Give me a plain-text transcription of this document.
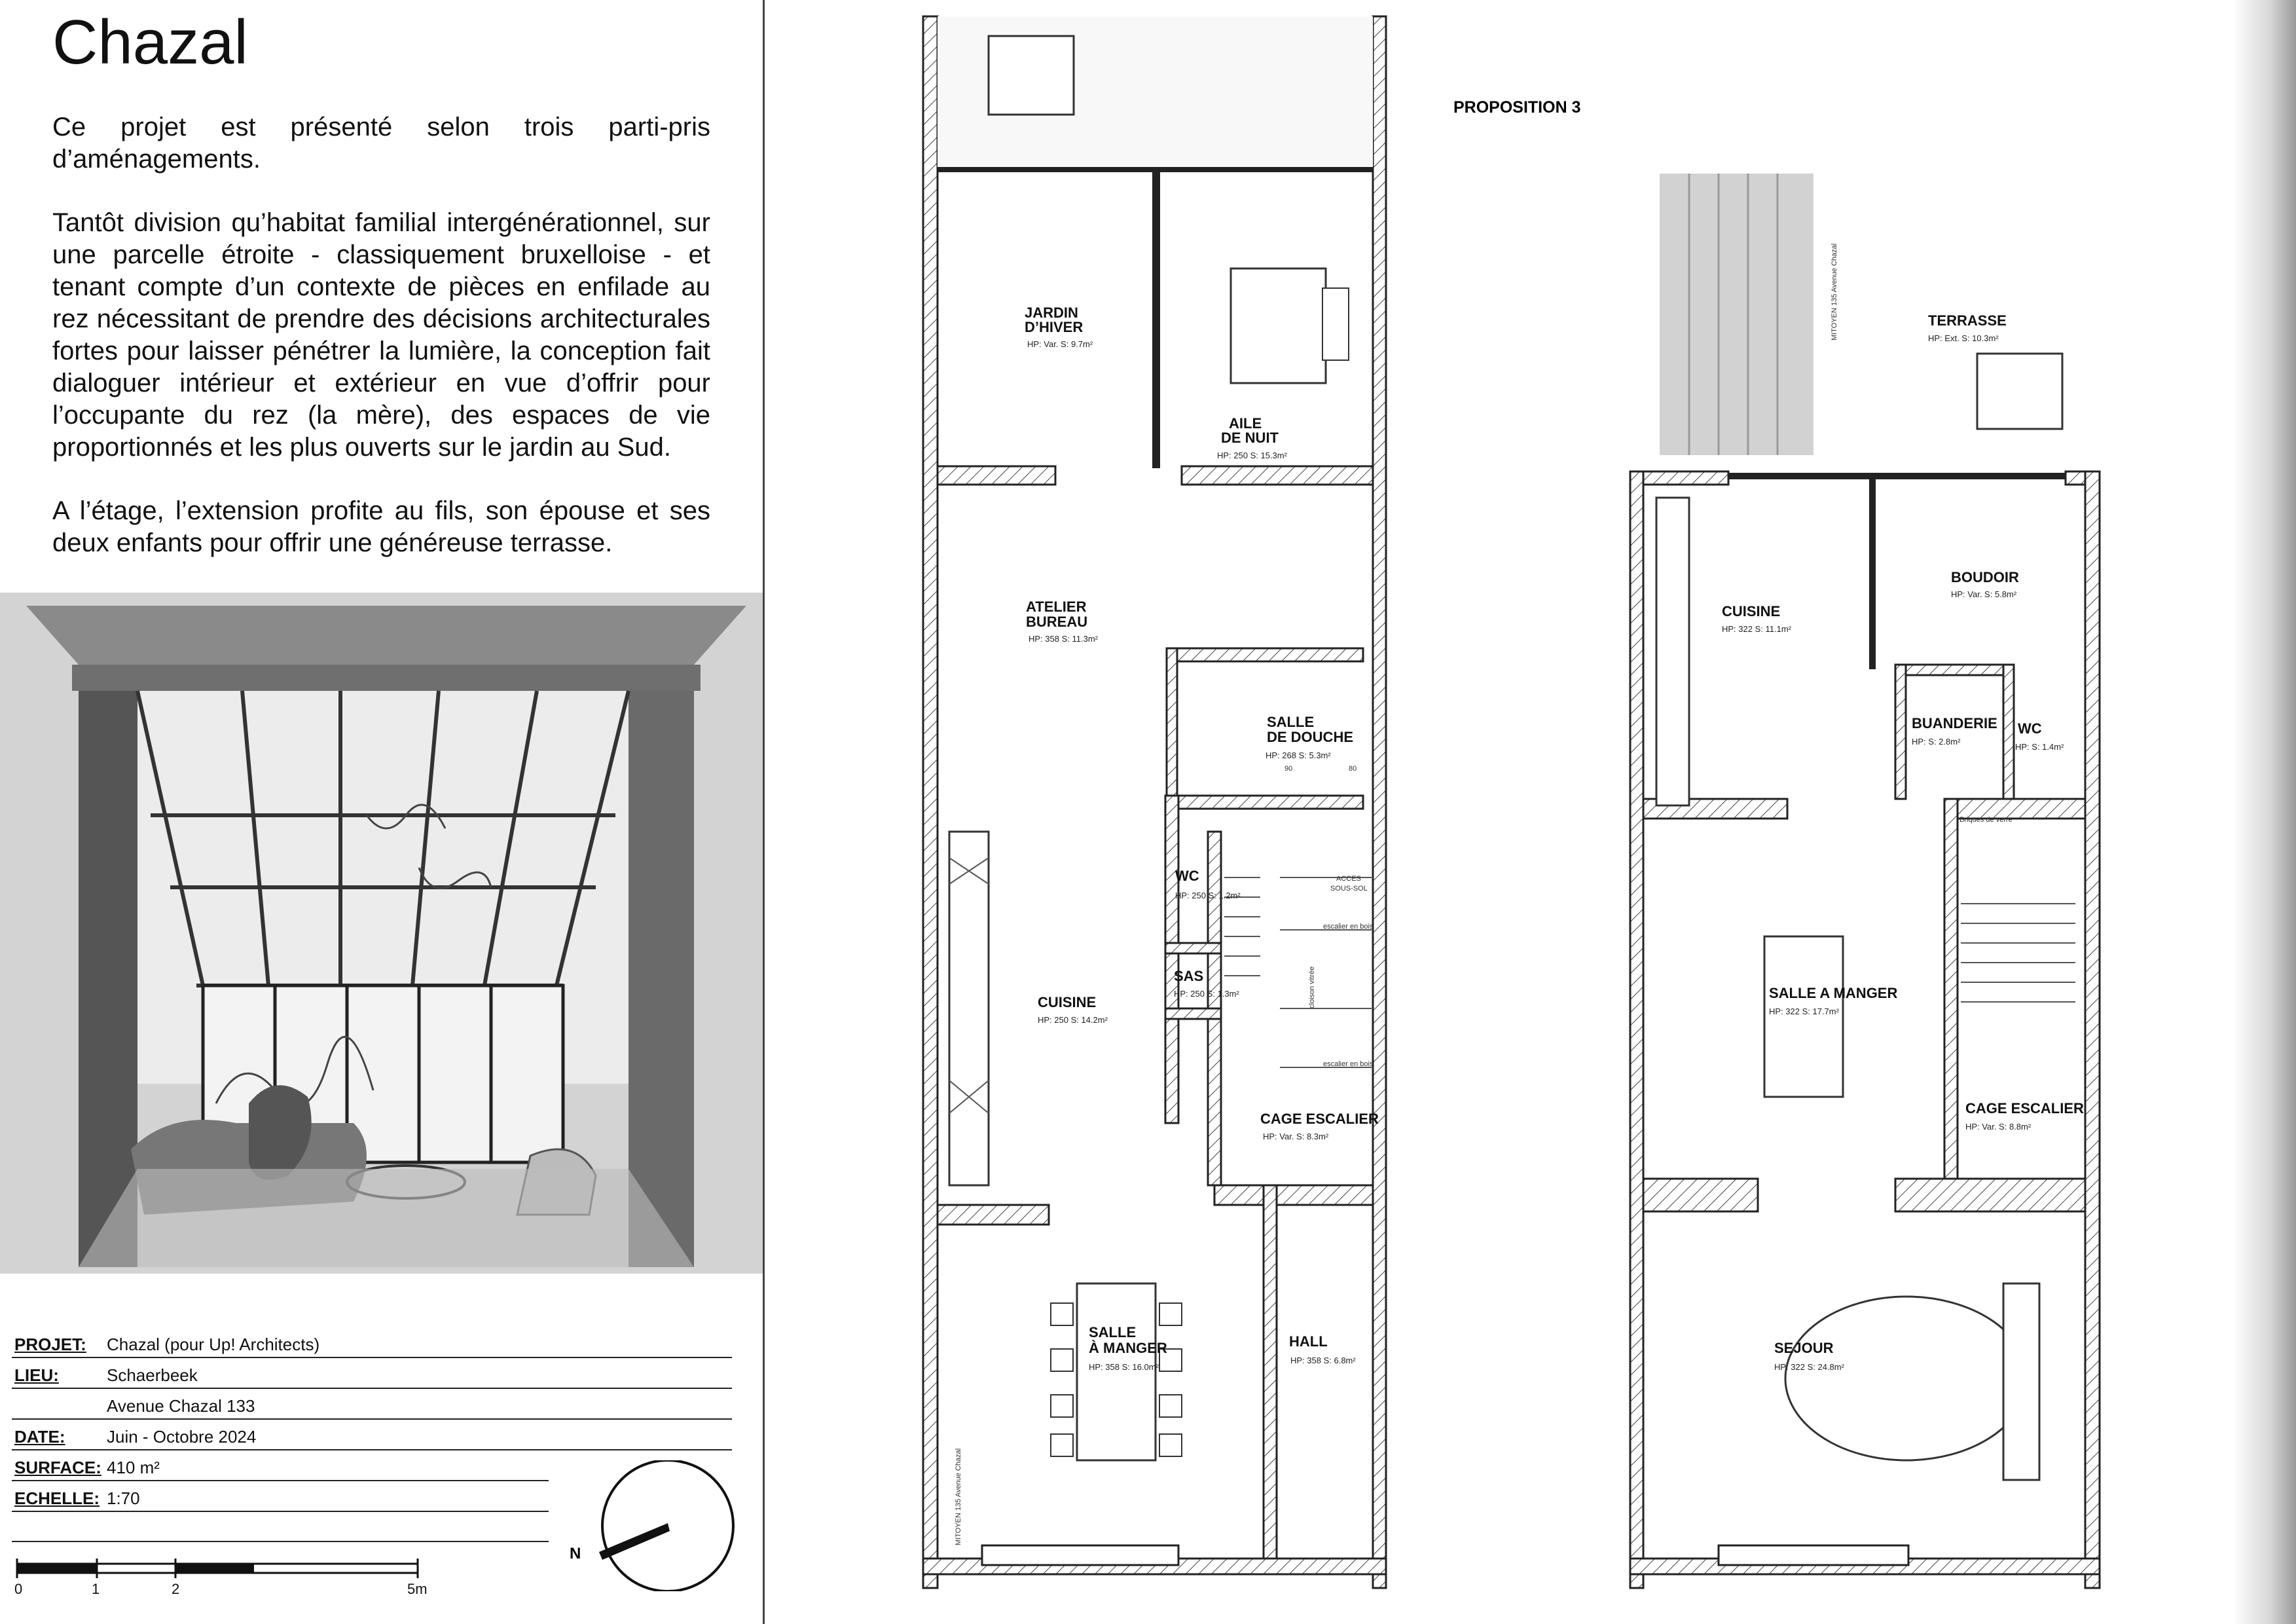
Chazal

Ce projet est présenté selon trois parti-pris d’aménagements.

Tantôt division qu’habitat familial intergénérationnel, sur une parcelle étroite - classiquement bruxelloise - et tenant compte d’un contexte de pièces en enfilade au rez nécessitant de prendre des décisions architecturales fortes pour laisser pénétrer la lumière, la conception fait dialoguer intérieur et extérieur en vue d’offrir pour l’occupante du rez (la mère), des espaces de vie proportionnés et les plus ouverts sur le jardin au Sud.

A l’étage, l’extension profite au fils, son épouse et ses deux enfants pour offrir une généreuse terrasse.

PROJET: Chazal (pour Up! Architects)
LIEU:	Schaerbeek
Avenue Chazal 133
DATE: Juin - Octobre 2024
SURFACE: 410 m²
ECHELLE: 1:70
N
0	1	2	5m
JARDIN
D’HIVER
HP: Var. S: 9.7m²
AILE
DE NUIT
HP: 250 S: 15.3m²
ATELIER
BUREAU
HP: 358 S: 11.3m²
SALLE
DE DOUCHE
HP: 268 S: 5.3m²
90	80
WC
HP: 250 S: 1.2m²
SAS
HP: 250 S: 1.3m²
CUISINE
HP: 250 S: 14.2m²
CAGE ESCALIER
HP: Var. S: 8.3m²
SALLE
À MANGER
HP: 358 S: 16.0m²
HALL
HP: 358 S: 6.8m²
ACCES
SOUS-SOL
escalier en bois
escalier en bois
cloison vitrée
MITOYEN 135 Avenue Chazal
PROPOSITION 3
TERRASSE
HP: Ext. S: 10.3m²
BOUDOIR
HP: Var. S: 5.8m²
CUISINE
HP: 322 S: 11.1m²
BUANDERIE
HP: S: 2.8m²
WC
HP: S: 1.4m²
SALLE A MANGER
HP: 322 S: 17.7m²
CAGE ESCALIER
HP: Var. S: 8.8m²
SEJOUR
HP: 322 S: 24.8m²
Briques de verre
MITOYEN 135 Avenue Chazal
